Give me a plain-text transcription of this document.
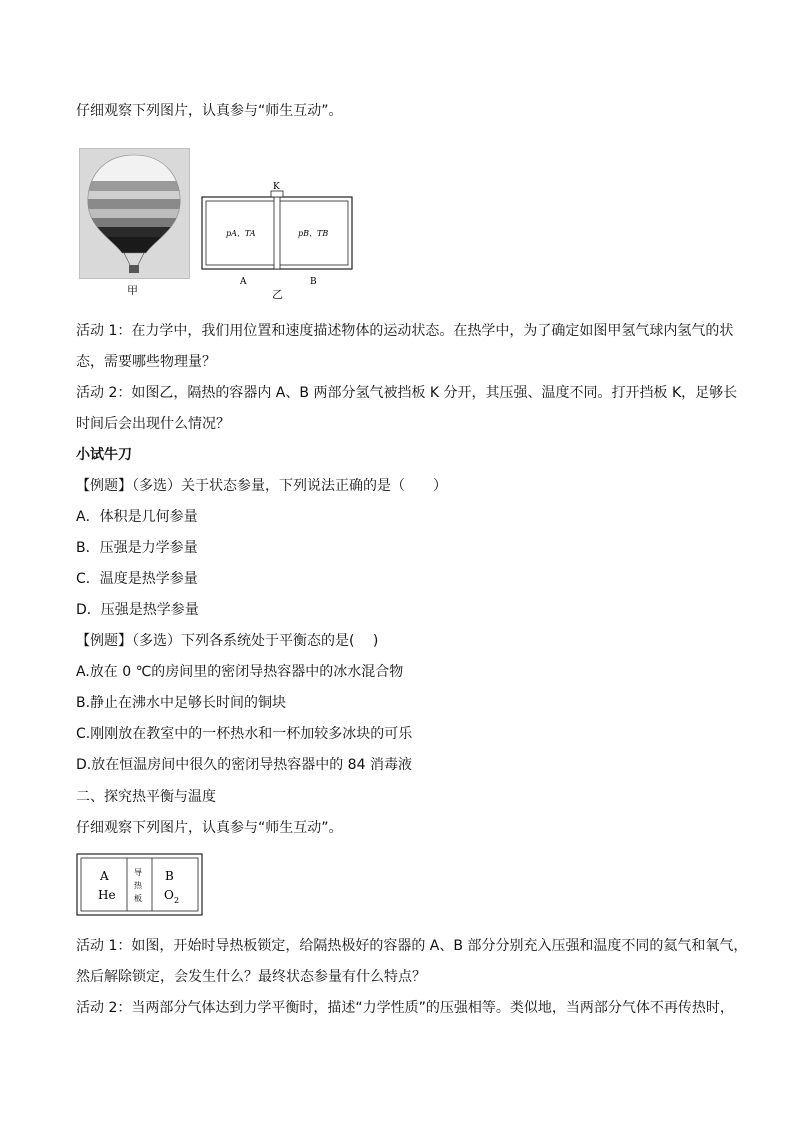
仔细观察下列图片，认真参与“师生互动”。
甲
K
pA、TA	pB、TB
A	B
乙
活动 1：在力学中，我们用位置和速度描述物体的运动状态。在热学中，为了确定如图甲氢气球内氢气的状
态，需要哪些物理量？
活动 2：如图乙，隔热的容器内 A、B 两部分氢气被挡板 K 分开，其压强、温度不同。打开挡板 K，足够长
时间后会出现什么情况？
小试牛刀
【例题】（多选）关于状态参量，下列说法正确的是（　　）
A．体积是几何参量
B．压强是力学参量
C．温度是热学参量
D．压强是热学参量
【例题】（多选）下列各系统处于平衡态的是(　 )
A.放在 0 ℃的房间里的密闭导热容器中的冰水混合物
B.静止在沸水中足够长时间的铜块
C.刚刚放在教室中的一杯热水和一杯加较多冰块的可乐
D.放在恒温房间中很久的密闭导热容器中的 84 消毒液
二、探究热平衡与温度
仔细观察下列图片，认真参与“师生互动”。
A
He
导
热
板
B
O 2
活动 1：如图，开始时导热板锁定，给隔热极好的容器的 A、B 部分分别充入压强和温度不同的氦气和氧气，
然后解除锁定，会发生什么？最终状态参量有什么特点？
活动 2：当两部分气体达到力学平衡时，描述“力学性质”的压强相等。类似地，当两部分气体不再传热时，
